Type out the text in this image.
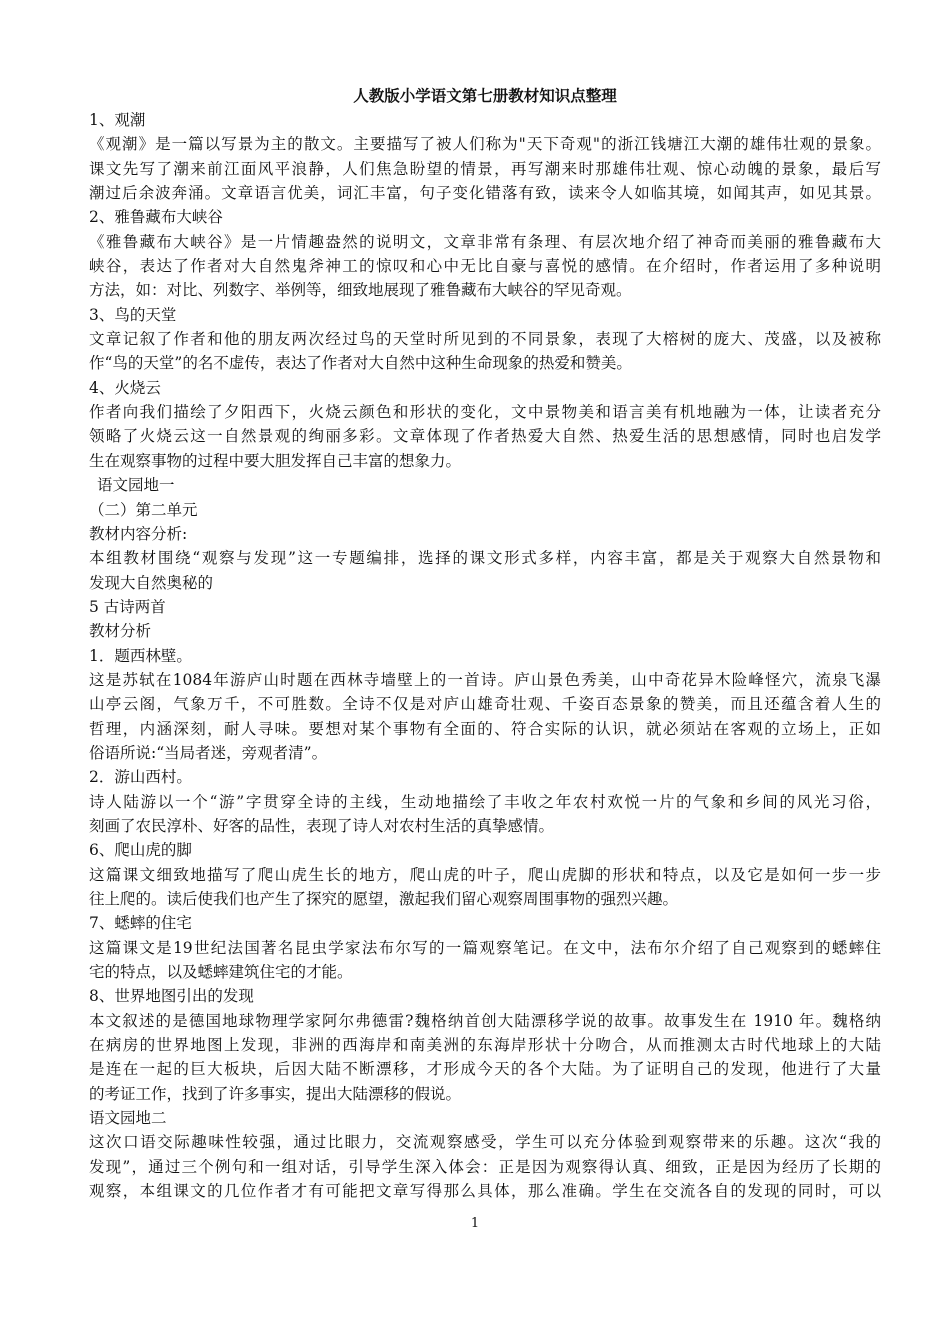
人教版小学语文第七册教材知识点整理

1、观潮

《观潮》是一篇以写景为主的散文。主要描写了被人们称为"天下奇观"的浙江钱塘江大潮的雄伟壮观的景象。

课文先写了潮来前江面风平浪静，人们焦急盼望的情景，再写潮来时那雄伟壮观、惊心动魄的景象，最后写

潮过后余波奔涌。文章语言优美，词汇丰富，句子变化错落有致，读来令人如临其境，如闻其声，如见其景。

2、雅鲁藏布大峡谷

《雅鲁藏布大峡谷》是一片情趣盎然的说明文，文章非常有条理、有层次地介绍了神奇而美丽的雅鲁藏布大

峡谷，表达了作者对大自然鬼斧神工的惊叹和心中无比自豪与喜悦的感情。在介绍时，作者运用了多种说明

方法，如：对比、列数字、举例等，细致地展现了雅鲁藏布大峡谷的罕见奇观。

3、鸟的天堂

文章记叙了作者和他的朋友两次经过鸟的天堂时所见到的不同景象，表现了大榕树的庞大、茂盛，以及被称

作“鸟的天堂”的名不虚传，表达了作者对大自然中这种生命现象的热爱和赞美。

4、火烧云

作者向我们描绘了夕阳西下，火烧云颜色和形状的变化，文中景物美和语言美有机地融为一体，让读者充分

领略了火烧云这一自然景观的绚丽多彩。文章体现了作者热爱大自然、热爱生活的思想感情，同时也启发学

生在观察事物的过程中要大胆发挥自己丰富的想象力。

语文园地一

（二）第二单元

教材内容分析:

本组教材围绕“观察与发现”这一专题编排，选择的课文形式多样，内容丰富，都是关于观察大自然景物和

发现大自然奥秘的

5 古诗两首

教材分析

1．题西林壁。

这是苏轼在1084年游庐山时题在西林寺墙壁上的一首诗。庐山景色秀美，山中奇花异木险峰怪穴，流泉飞瀑

山亭云阁，气象万千，不可胜数。全诗不仅是对庐山雄奇壮观、千姿百态景象的赞美，而且还蕴含着人生的

哲理，内涵深刻，耐人寻味。要想对某个事物有全面的、符合实际的认识，就必须站在客观的立场上，正如

俗语所说:“当局者迷，旁观者清”。

2．游山西村。

诗人陆游以一个“游”字贯穿全诗的主线，生动地描绘了丰收之年农村欢悦一片的气象和乡间的风光习俗，

刻画了农民淳朴、好客的品性，表现了诗人对农村生活的真挚感情。

6、爬山虎的脚

这篇课文细致地描写了爬山虎生长的地方，爬山虎的叶子，爬山虎脚的形状和特点，以及它是如何一步一步

往上爬的。读后使我们也产生了探究的愿望，激起我们留心观察周围事物的强烈兴趣。

7、蟋蟀的住宅

这篇课文是19世纪法国著名昆虫学家法布尔写的一篇观察笔记。在文中，法布尔介绍了自己观察到的蟋蟀住

宅的特点，以及蟋蟀建筑住宅的才能。

8、世界地图引出的发现

本文叙述的是德国地球物理学家阿尔弗德雷?魏格纳首创大陆漂移学说的故事。故事发生在 1910 年。魏格纳

在病房的世界地图上发现，非洲的西海岸和南美洲的东海岸形状十分吻合，从而推测太古时代地球上的大陆

是连在一起的巨大板块，后因大陆不断漂移，才形成今天的各个大陆。为了证明自己的发现，他进行了大量

的考证工作，找到了许多事实，提出大陆漂移的假说。

语文园地二

这次口语交际趣味性较强，通过比眼力，交流观察感受，学生可以充分体验到观察带来的乐趣。这次“我的

发现”，通过三个例句和一组对话，引导学生深入体会：正是因为观察得认真、细致，正是因为经历了长期的

观察，本组课文的几位作者才有可能把文章写得那么具体，那么准确。学生在交流各自的发现的同时，可以

1
